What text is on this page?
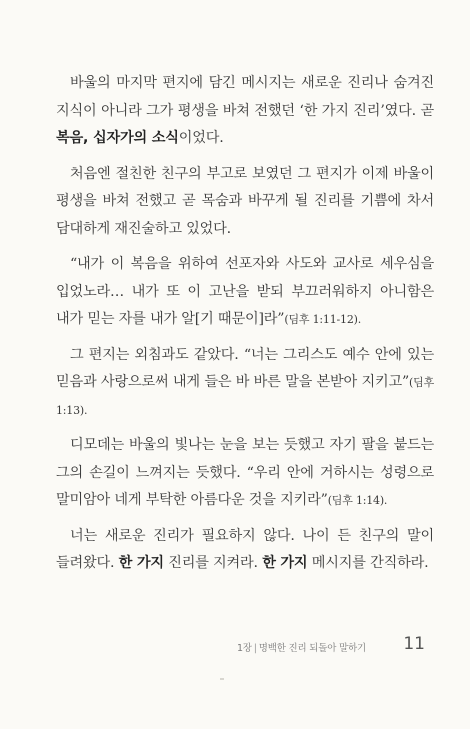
바울의 마지막 편지에 담긴 메시지는 새로운 진리나 숨겨진 지식이 아니라 그가 평생을 바쳐 전했던 ‘한 가지 진리’였다. 곧 복음, 십자가의 소식이었다.

처음엔 절친한 친구의 부고로 보였던 그 편지가 이제 바울이 평생을 바쳐 전했고 곧 목숨과 바꾸게 될 진리를 기쁨에 차서 담대하게 재진술하고 있었다.

“내가 이 복음을 위하여 선포자와 사도와 교사로 세우심을 입었노라… 내가 또 이 고난을 받되 부끄러워하지 아니함은 내가 믿는 자를 내가 알[기 때문이]라”(딤후 1:11-12).

그 편지는 외침과도 같았다. “너는 그리스도 예수 안에 있는 믿음과 사랑으로써 내게 들은 바 바른 말을 본받아 지키고”(딤후 1:13).

디모데는 바울의 빛나는 눈을 보는 듯했고 자기 팔을 붙드는 그의 손길이 느껴지는 듯했다. “우리 안에 거하시는 성령으로 말미암아 네게 부탁한 아름다운 것을 지키라”(딤후 1:14).

너는 새로운 진리가 필요하지 않다. 나이 든 친구의 말이 들려왔다. 한 가지 진리를 지켜라. 한 가지 메시지를 간직하라.

1장 | 명백한 진리 되돌아 말하기 11
